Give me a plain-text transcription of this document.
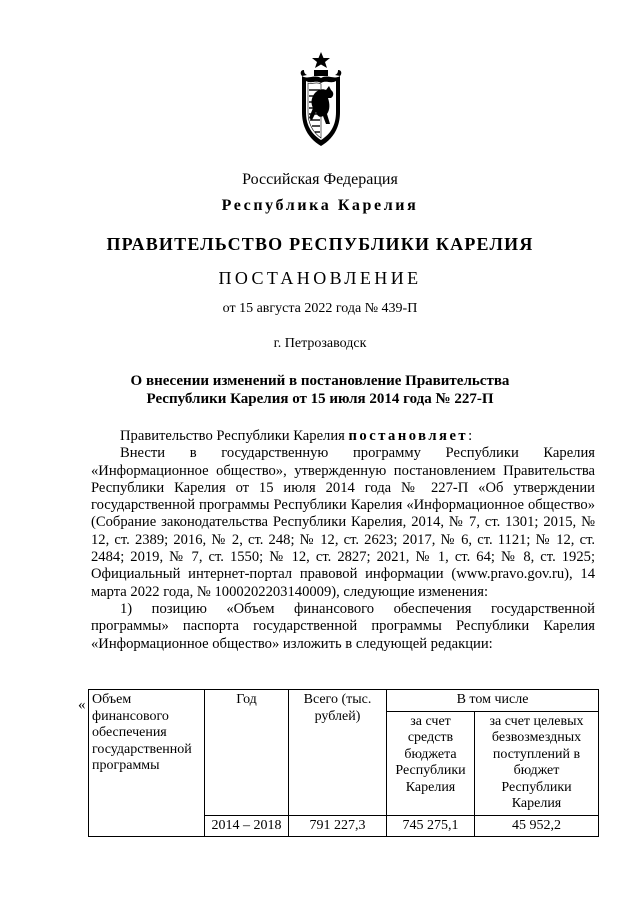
Российская Федерация
Республика Карелия
ПРАВИТЕЛЬСТВО РЕСПУБЛИКИ КАРЕЛИЯ
ПОСТАНОВЛЕНИЕ
от 15 августа 2022 года № 439-П
г. Петрозаводск
О внесении изменений в постановление Правительства
Республики Карелия от 15 июля 2014 года № 227-П

Правительство Республики Карелия постановляет:

Внести в государственную программу Республики Карелия «Информационное общество», утвержденную постановлением Правительства Республики Карелия от 15 июля 2014 года № 227-П «Об утверждении государственной программы Республики Карелия «Информационное общество» (Собрание законодательства Республики Карелия, 2014, № 7, ст. 1301; 2015, № 12, ст. 2389; 2016, № 2, ст. 248; № 12, ст. 2623; 2017, № 6, ст. 1121; № 12, ст. 2484; 2019, № 7, ст. 1550; № 12, ст. 2827; 2021, № 1, ст. 64; № 8, ст. 1925; Официальный интернет-портал правовой информации (www.pravo.gov.ru), 14 марта 2022 года, № 1000202203140009), следующие изменения:

1) позицию «Объем финансового обеспечения государственной программы» паспорта государственной программы Республики Карелия «Информационное общество» изложить в следующей редакции:

« Объем финансового обеспечения государственной программы	Год	Всего (тыс. рублей)	В том числе	
			за счет средств бюджета Республики Карелия	за счет целевых безвозмездных поступлений в бюджет Республики Карелия
	2014 – 2018	791 227,3	745 275,1	45 952,2
